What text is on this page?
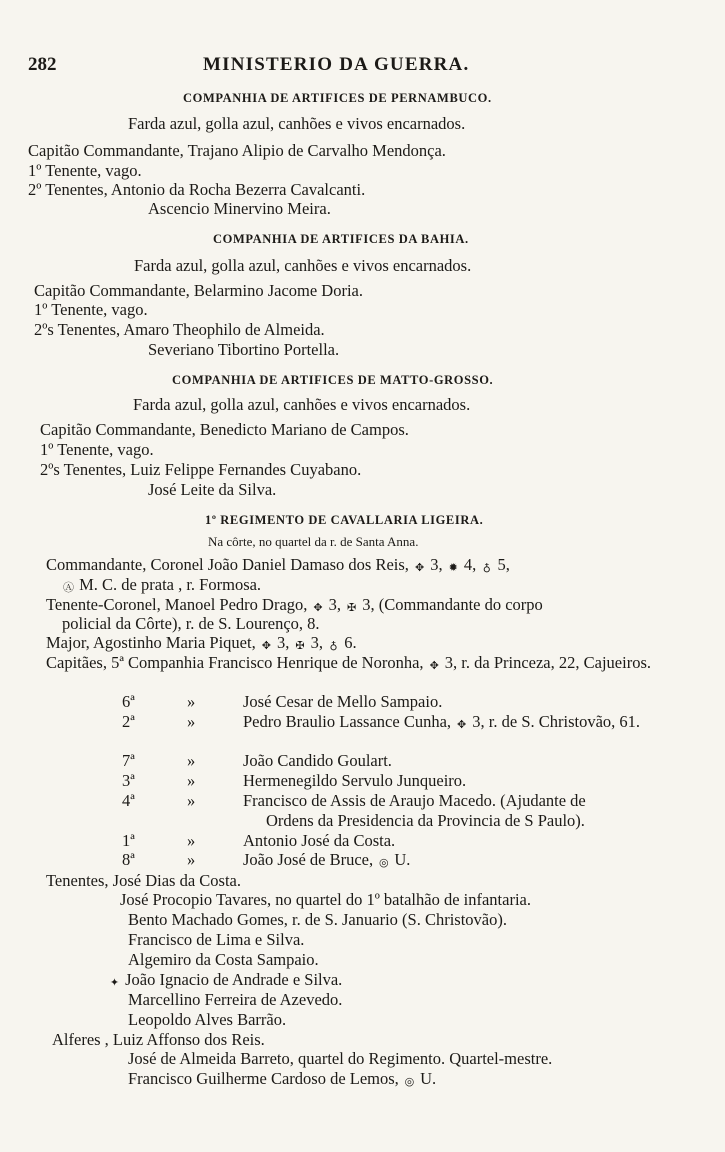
282	MINISTERIO DA GUERRA.
COMPANHIA DE ARTIFICES DE PERNAMBUCO.
Farda azul, golla azul, canhões e vivos encarnados.
Capitão Commandante, Trajano Alipio de Carvalho Mendonça.
1º Tenente, vago.
2º Tenentes, Antonio da Rocha Bezerra Cavalcanti.
Ascencio Minervino Meira.
COMPANHIA DE ARTIFICES DA BAHIA.
Farda azul, golla azul, canhões e vivos encarnados.
Capitão Commandante, Belarmino Jacome Doria.
1º Tenente, vago.
2ºs Tenentes, Amaro Theophilo de Almeida.
Severiano Tibortino Portella.
COMPANHIA DE ARTIFICES DE MATTO-GROSSO.
Farda azul, golla azul, canhões e vivos encarnados.
Capitão Commandante, Benedicto Mariano de Campos.
1º Tenente, vago.
2ºs Tenentes, Luiz Felippe Fernandes Cuyabano.
José Leite da Silva.
1º REGIMENTO DE CAVALLARIA LIGEIRA.
Na côrte, no quartel da r. de Santa Anna.
Commandante, Coronel João Daniel Damaso dos Reis, ✥ 3, ✹ 4, ♁ 5,
Ⓐ M. C. de prata , r. Formosa.
Tenente-Coronel, Manoel Pedro Drago, ✥ 3, ✠ 3, (Commandante do corpo
policial da Côrte), r. de S. Lourenço, 8.
Major, Agostinho Maria Piquet, ✥ 3, ✠ 3, ♁ 6.
Capitães, 5ª Companhia Francisco Henrique de Noronha, ✥ 3, r. da Princeza, 22, Cajueiros.
6ª	»	José Cesar de Mello Sampaio.
2ª	»	Pedro Braulio Lassance Cunha, ✥ 3, r. de S. Christovão, 61.
7ª	»	João Candido Goulart.
3ª	»	Hermenegildo Servulo Junqueiro.
4ª	»	Francisco de Assis de Araujo Macedo. (Ajudante de
Ordens da Presidencia da Provincia de S Paulo).
1ª	»	Antonio José da Costa.
8ª	»	João José de Bruce, ◎ U.
Tenentes, José Dias da Costa.
José Procopio Tavares, no quartel do 1º batalhão de infantaria.
Bento Machado Gomes, r. de S. Januario (S. Christovão).
Francisco de Lima e Silva.
Algemiro da Costa Sampaio.
✦ João Ignacio de Andrade e Silva.
Marcellino Ferreira de Azevedo.
Leopoldo Alves Barrão.
Alferes , Luiz Affonso dos Reis.
José de Almeida Barreto, quartel do Regimento. Quartel-mestre.
Francisco Guilherme Cardoso de Lemos, ◎ U.
